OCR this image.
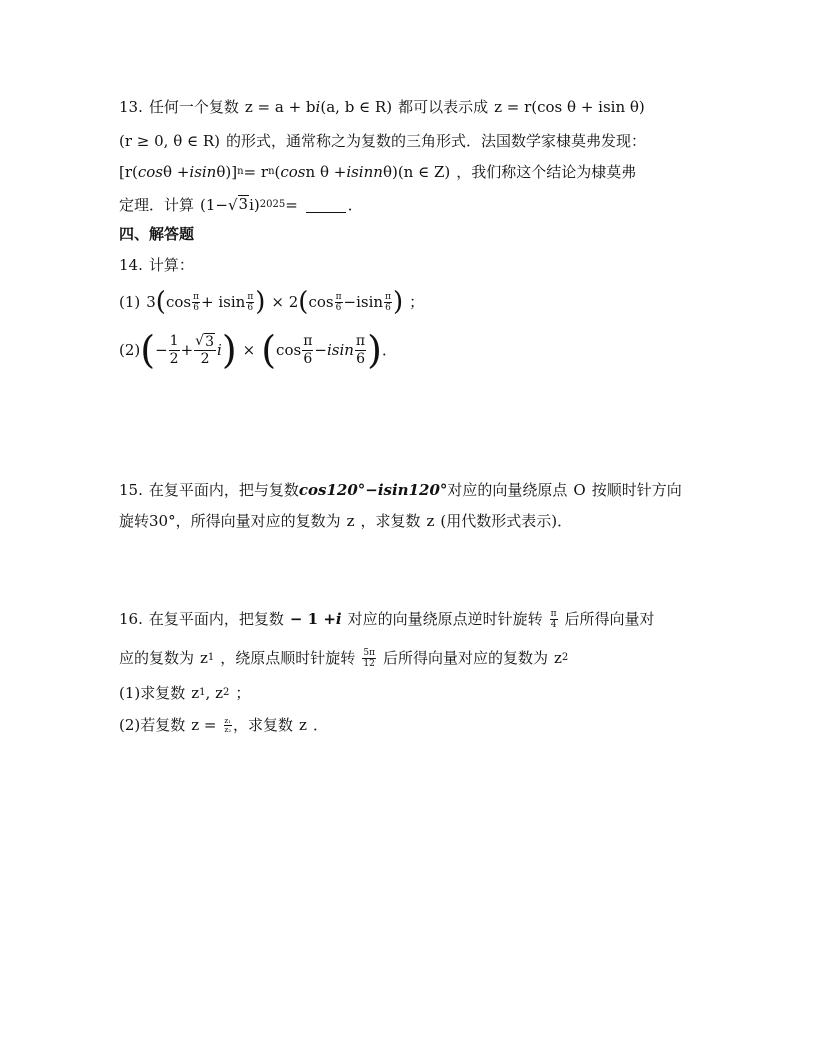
13. 任何一个复数 z = a + b i (a, b ∈ R) 都可以表示成 z = r(cos θ + isin θ)
(r ≥ 0, θ ∈ R) 的形式，通常称之为复数的三角形式．法国数学家棣莫弗发现：
[r( cos θ + isin θ)] n = r n ( cos n θ + isinn θ)(n ∈ Z) ，我们称这个结论为棣莫弗
定理．计算 (1− √ 3 i) 2025 =	．
四、解答题
14. 计算：
(1) 3 ( $\cos \frac{\pi}{6} + isin \frac{\pi}{6}$ ) × 2 ( $\cos \frac{\pi}{6} -isin \frac{\pi}{6}$ ) ；
(2) ( − $\frac{1}{2} + \frac{√ 3}{2}$ i ) × ( $\cos \frac{\pi}{6} - isin \frac{\pi}{6}$ ) ．
15. 在复平面内，把与复数 cos120°−isin120° 对应的向量绕原点 O 按顺时针方向
旋转30°，所得向量对应的复数为 z ，求复数 z (用代数形式表示)．
16. 在复平面内，把复数 − 1 + i 对应的向量绕原点逆时针旋转 $\frac{\pi}{4}$ 后所得向量对
应的复数为 z 1 ，绕原点顺时针旋转 $\frac{5\pi}{12}$ 后所得向量对应的复数为 z 2
(1) 求复数 z 1 , z 2 ；
(2) 若复数 $z = \frac{\text{z₁}}{\text{z₂}}$ ，求复数 z ．
